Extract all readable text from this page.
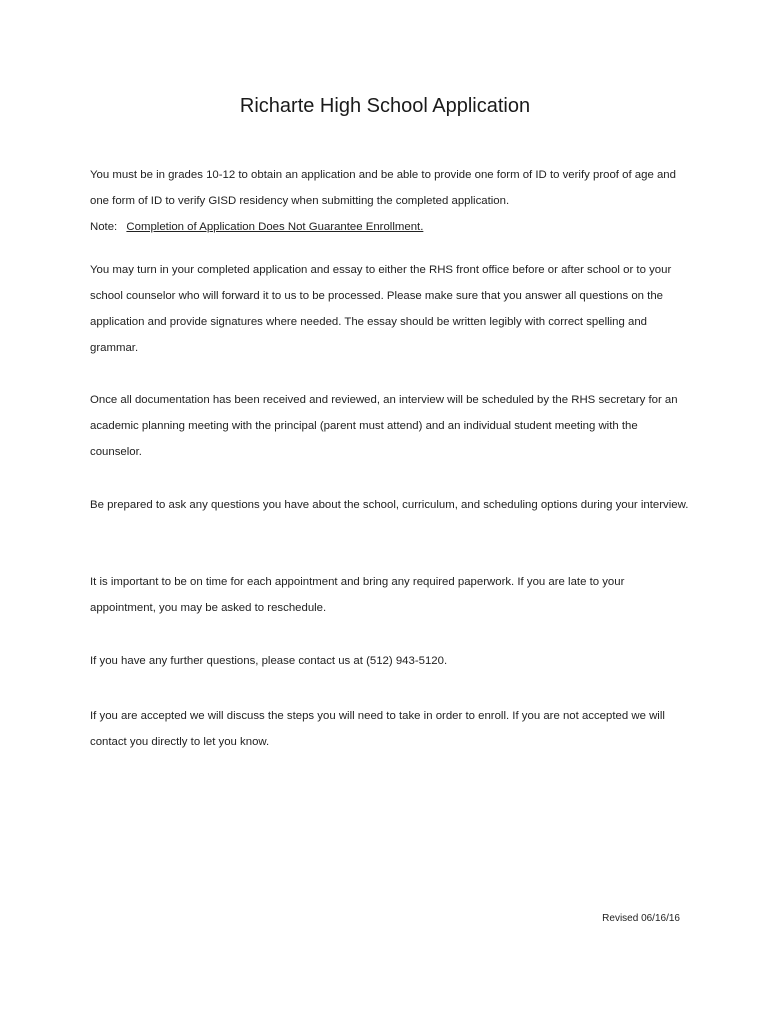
Richarte High School Application
You must be in grades 10-12 to obtain an application and be able to provide one form of ID to verify proof of age and one form of ID to verify GISD residency when submitting the completed application.
Note: Completion of Application Does Not Guarantee Enrollment.
You may turn in your completed application and essay to either the RHS front office before or after school or to your school counselor who will forward it to us to be processed. Please make sure that you answer all questions on the application and provide signatures where needed. The essay should be written legibly with correct spelling and grammar.
Once all documentation has been received and reviewed, an interview will be scheduled by the RHS secretary for an academic planning meeting with the principal (parent must attend) and an individual student meeting with the counselor.
Be prepared to ask any questions you have about the school, curriculum, and scheduling options during your interview.
It is important to be on time for each appointment and bring any required paperwork. If you are late to your appointment, you may be asked to reschedule.
If you have any further questions, please contact us at (512) 943-5120.
If you are accepted we will discuss the steps you will need to take in order to enroll. If you are not accepted we will contact you directly to let you know.
Revised 06/16/16
